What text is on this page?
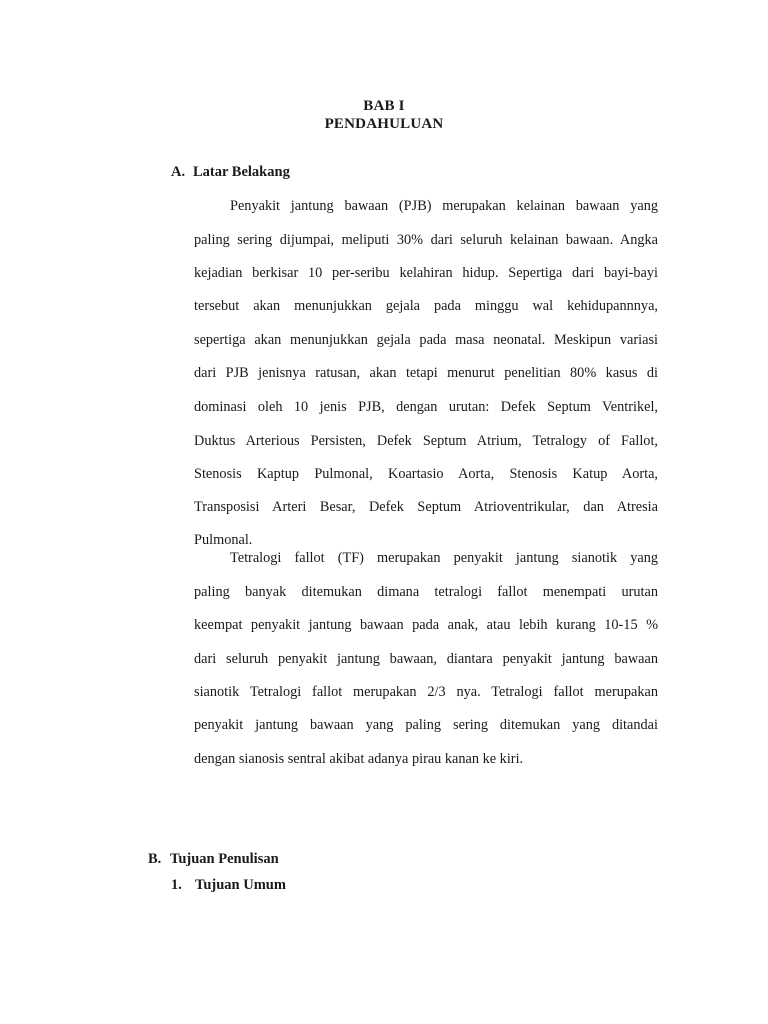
BAB I
PENDAHULUAN
A. Latar Belakang
Penyakit jantung bawaan (PJB) merupakan kelainan bawaan yang
paling sering dijumpai, meliputi 30% dari seluruh kelainan bawaan. Angka
kejadian berkisar 10 per-seribu kelahiran hidup. Sepertiga dari bayi-bayi
tersebut akan menunjukkan gejala pada minggu wal kehidupannnya,
sepertiga akan menunjukkan gejala pada masa neonatal. Meskipun variasi
dari PJB jenisnya ratusan, akan tetapi menurut penelitian 80% kasus di
dominasi oleh 10 jenis PJB, dengan urutan: Defek Septum Ventrikel,
Duktus Arterious Persisten, Defek Septum Atrium, Tetralogy of Fallot,
Stenosis Kaptup Pulmonal, Koartasio Aorta, Stenosis Katup Aorta,
Transposisi Arteri Besar, Defek Septum Atrioventrikular, dan Atresia
Pulmonal.
Tetralogi fallot (TF) merupakan penyakit jantung sianotik yang
paling banyak ditemukan dimana tetralogi fallot menempati urutan
keempat penyakit jantung bawaan pada anak, atau lebih kurang 10-15 %
dari seluruh penyakit jantung bawaan, diantara penyakit jantung bawaan
sianotik Tetralogi fallot merupakan 2/3 nya. Tetralogi fallot merupakan
penyakit jantung bawaan yang paling sering ditemukan yang ditandai
dengan sianosis sentral akibat adanya pirau kanan ke kiri.
B. Tujuan Penulisan
1. Tujuan Umum
